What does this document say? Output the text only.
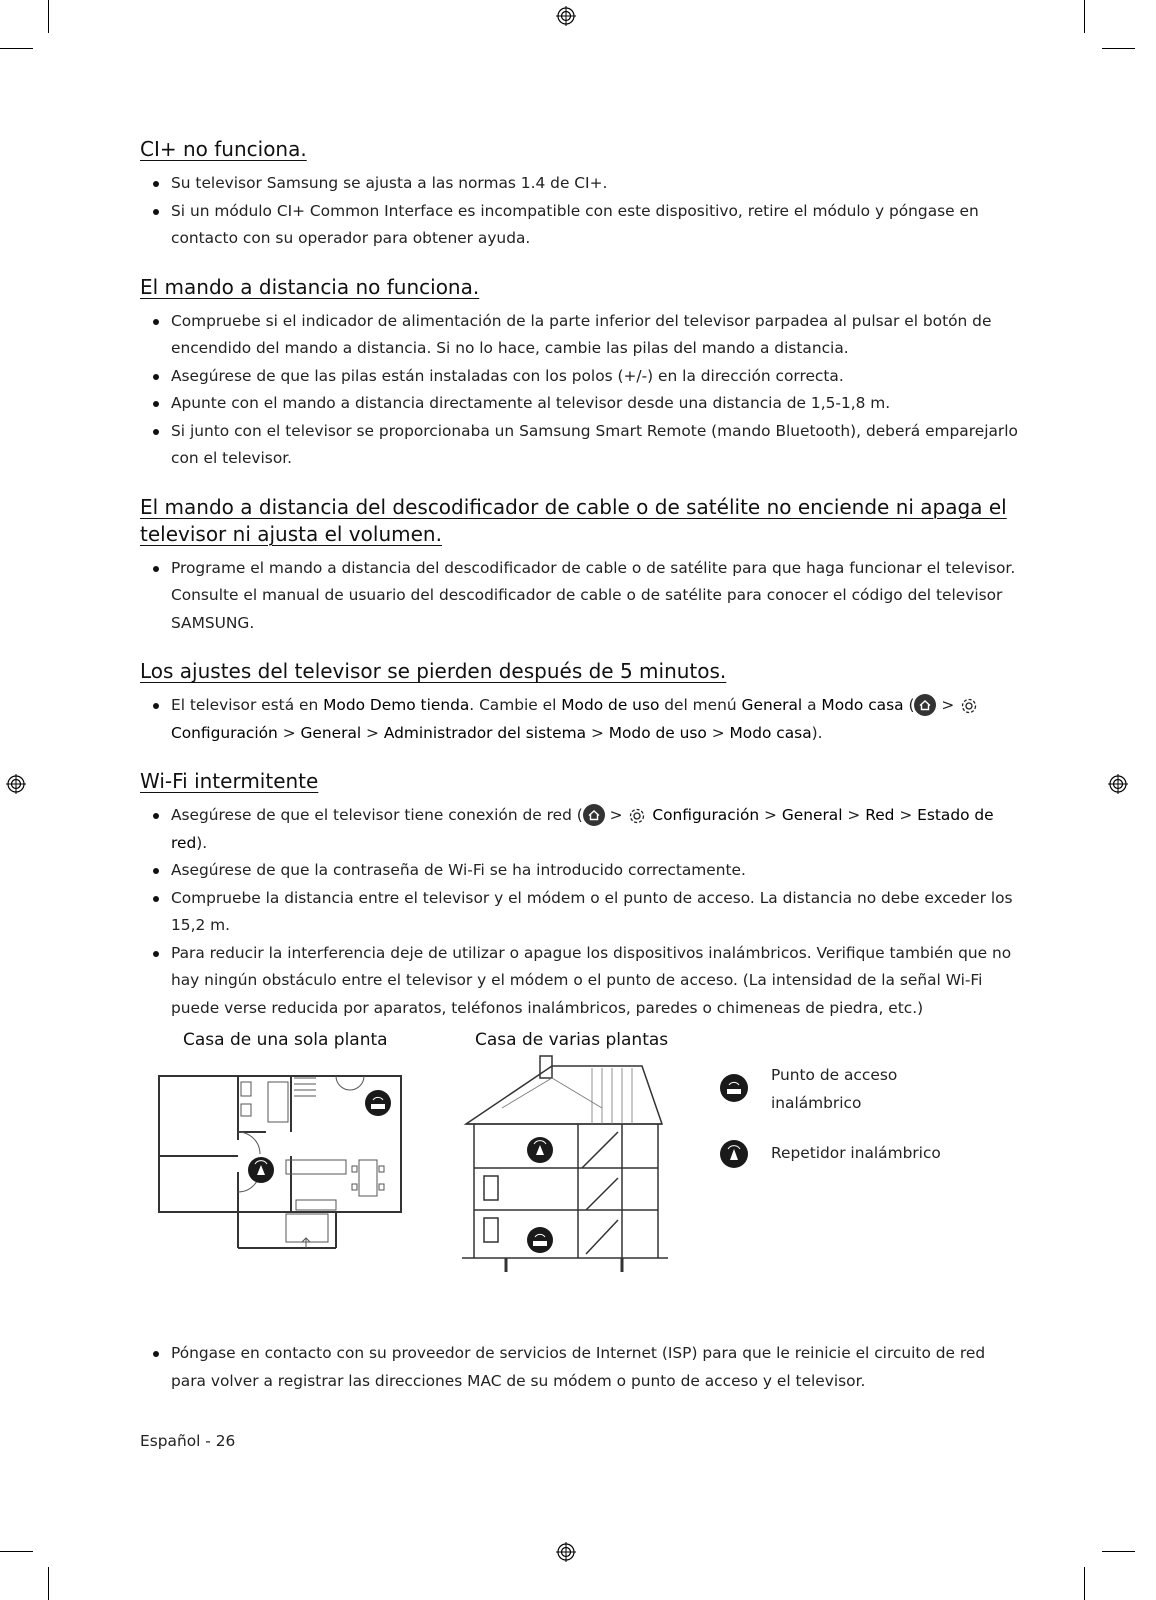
CI+ no funciona.
Su televisor Samsung se ajusta a las normas 1.4 de CI+.
Si un módulo CI+ Common Interface es incompatible con este dispositivo, retire el módulo y póngase en contacto con su operador para obtener ayuda.
El mando a distancia no funciona.
Compruebe si el indicador de alimentación de la parte inferior del televisor parpadea al pulsar el botón de encendido del mando a distancia. Si no lo hace, cambie las pilas del mando a distancia.
Asegúrese de que las pilas están instaladas con los polos (+/-) en la dirección correcta.
Apunte con el mando a distancia directamente al televisor desde una distancia de 1,5-1,8 m.
Si junto con el televisor se proporcionaba un Samsung Smart Remote (mando Bluetooth), deberá emparejarlo con el televisor.
El mando a distancia del descodificador de cable o de satélite no enciende ni apaga el televisor ni ajusta el volumen.
Programe el mando a distancia del descodificador de cable o de satélite para que haga funcionar el televisor. Consulte el manual de usuario del descodificador de cable o de satélite para conocer el código del televisor SAMSUNG.
Los ajustes del televisor se pierden después de 5 minutos.
El televisor está en Modo Demo tienda. Cambie el Modo de uso del menú General a Modo casa ( >  Configuración > General > Administrador del sistema > Modo de uso > Modo casa).
Wi-Fi intermitente
Asegúrese de que el televisor tiene conexión de red ( >  Configuración > General > Red > Estado de red).
Asegúrese de que la contraseña de Wi-Fi se ha introducido correctamente.
Compruebe la distancia entre el televisor y el módem o el punto de acceso. La distancia no debe exceder los 15,2 m.
Para reducir la interferencia deje de utilizar o apague los dispositivos inalámbricos. Verifique también que no hay ningún obstáculo entre el televisor y el módem o el punto de acceso. (La intensidad de la señal Wi-Fi puede verse reducida por aparatos, teléfonos inalámbricos, paredes o chimeneas de piedra, etc.)
Casa de una sola planta	Casa de varias plantas
Punto de acceso inalámbrico
Repetidor inalámbrico
Póngase en contacto con su proveedor de servicios de Internet (ISP) para que le reinicie el circuito de red para volver a registrar las direcciones MAC de su módem o punto de acceso y el televisor.
Español - 26
